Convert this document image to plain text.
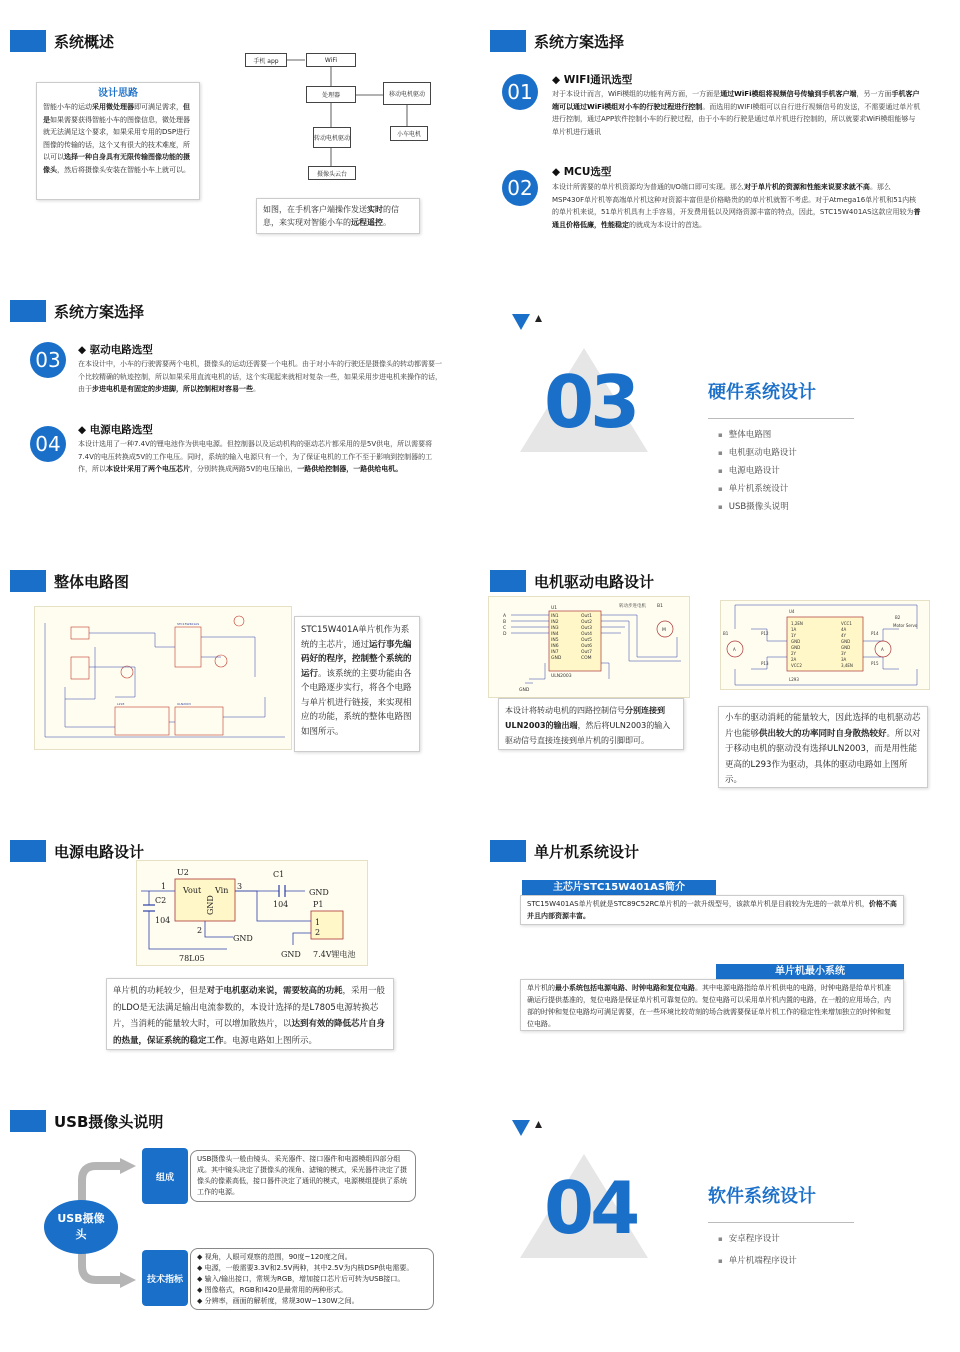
系统概述
设计思路
智能小车的运动采用微处理器即可满足需求，但是如果需要获得智能小车的图像信息，微处理器就无法满足这个要求，如果采用专用的DSP进行图像的传输的话，这个又有很大的技术难度，所以可以选择一种自身具有无限传输图像功能的摄像头，然后将摄像头安装在智能小车上就可以。
手机 app	WiFi
处理器	移动电机驱动
转动电机驱动
小车电机
摄像头云台
如图，在手机客户端操作发送实时的信息，来实现对智能小车的远程遥控。
系统方案选择
01	◆ WIFI通讯选型
对于本设计而言，WiFi模组的功能有两方面，一方面是通过WiFi模组将视频信号传输到手机客户端，另一方面手机客户端可以通过WiFi模组对小车的行驶过程进行控制。而选用的WIFI模组可以自行进行视频信号的发送，不需要通过单片机进行控制，通过APP软件控制小车的行驶过程，由于小车的行驶是通过单片机进行控制的，所以就要求WiFi模组能够与单片机进行通讯
02
◆ MCU选型
本设计所需要的单片机资源均为普通的I/O端口即可实现。那么对于单片机的资源和性能来说要求就不高。那么MSP430F单片机等高端单片机这种对资源丰富但是价格略贵的的单片机就暂不考虑。对于Atmega16单片机和51内核的单片机来说，51单片机具有上手容易，开发费用低以及网络资源丰富的特点，因此，STC15W401AS这款应用较为普通且价格低廉，性能稳定的就成为本设计的首选。
系统方案选择
03	◆ 驱动电路选型
在本设计中，小车的行驶需要两个电机，摄像头的运动还需要一个电机。由于对小车的行驶还是摄像头的转动都需要一个比较精确的轨迹控制，所以如果采用直流电机的话，这个实现起来就相对复杂一些，如果采用步进电机来操作的话，由于步进电机是有固定的步进脚，所以控制相对容易一些。
04
◆ 电源电路选型
本设计选用了一种7.4V的锂电池作为供电电源。但控制器以及运动机构的驱动芯片都采用的是5V供电，所以需要将7.4V的电压转换成5V的工作电压。同时，系统的输入电源只有一个，为了保证电机的工作不至于影响到控制器的工作，所以本设计采用了两个电压芯片，分别转换成两路5V的电压输出，一路供给控制器，一路供给电机。
03	硬件系统设计
▪ 整体电路图
▪ 电机驱动电路设计
▪ 电源电路设计
▪ 单片机系统设计
▪ USB摄像头说明
整体电路图
STC15W401AS
L293	ULN2003
STC15W401A单片机作为系统的主芯片，通过运行事先编码好的程序，控制整个系统的运行。该系统的主要功能由各个电路逐步实行，将各个电路与单片机进行链接，来实现相应的功能，系统的整体电路图如图所示。
电机驱动电路设计
U1
IN1
IN2
IN3
IN4
IN5
IN6
IN7
GND
Out1
Out2
Out3
Out4
Out5
Out6
Out7
COM
ULN2003
A
B
C
D
转动步进电机 B1
M
GND
U4
1,2EN
1A
1Y
GND
GND
2Y
2A
VCC2
VCC1
4A
4Y
GND
GND
3Y
3A
3,4EN
L293
P12
P13
P14
P15
B2
Motor Servo
B1
A	A
本设计将转动电机的四路控制信号分别连接到ULN2003的输出端，然后将ULN2003的输入驱动信号直接连接到单片机的引脚即可。
小车的驱动消耗的能量较大，因此选择的电机驱动芯片也能够供出较大的功率同时自身散热较好。所以对于移动电机的驱动没有选择ULN2003，而是用性能更高的L293作为驱动，具体的驱动电路如上图所示。
电源电路设计
U2
Vout Vin
GND
78L05
C1
104
C2
104
P1
7.4V锂电池
1
2
1	3
2
GND
GND
GND
单片机的功耗较少，但是对于电机驱动来说，需要较高的功耗，采用一般的LDO是无法满足输出电流参数的，本设计选择的是L7805电源转换芯片，当消耗的能量较大时，可以增加散热片，以达到有效的降低芯片自身的热量，保证系统的稳定工作。电源电路如上图所示。
单片机系统设计
主芯片STC15W401AS简介
STC15W401AS单片机就是STC89C52RC单片机的一款升级型号，该款单片机是目前较为先进的一款单片机，价格不高并且内部资源丰富。
单片机最小系统
单片机的最小系统包括电源电路、时钟电路和复位电路。其中电源电路指给单片机供电的电路，时钟电路是给单片机准确运行提供基准的，复位电路是保证单片机可靠复位的。复位电路可以采用单片机内置的电路，在一般的应用场合，内部的时钟和复位电路均可满足需要，在一些环境比较苛刻的场合就需要保证单片机工作的稳定性来增加独立的时钟和复位电路。
USB摄像头说明
USB摄像头
组成
USB摄像头一般由镜头、采光器件、接口器件和电源模组四部分组成。其中镜头决定了摄像头的视角、滤镜的模式，采光器件决定了摄像头的像素高低，接口器件决定了通讯的模式，电源模组提供了系统工作的电源。
技术指标
◆ 视角，人眼可观察的范围，90度~120度之间。
◆ 电源，一般需要3.3V和2.5V两种，其中2.5V为内核DSP供电需要。
◆ 输入/输出接口，常规为RGB，增加接口芯片后可转为USB接口。
◆ 图像格式，RGB和I420是最常用的两种形式。
◆ 分辨率，画面的解析度，常规30W~130W之间。
04	软件系统设计
▪ 安卓程序设计
▪ 单片机端程序设计
